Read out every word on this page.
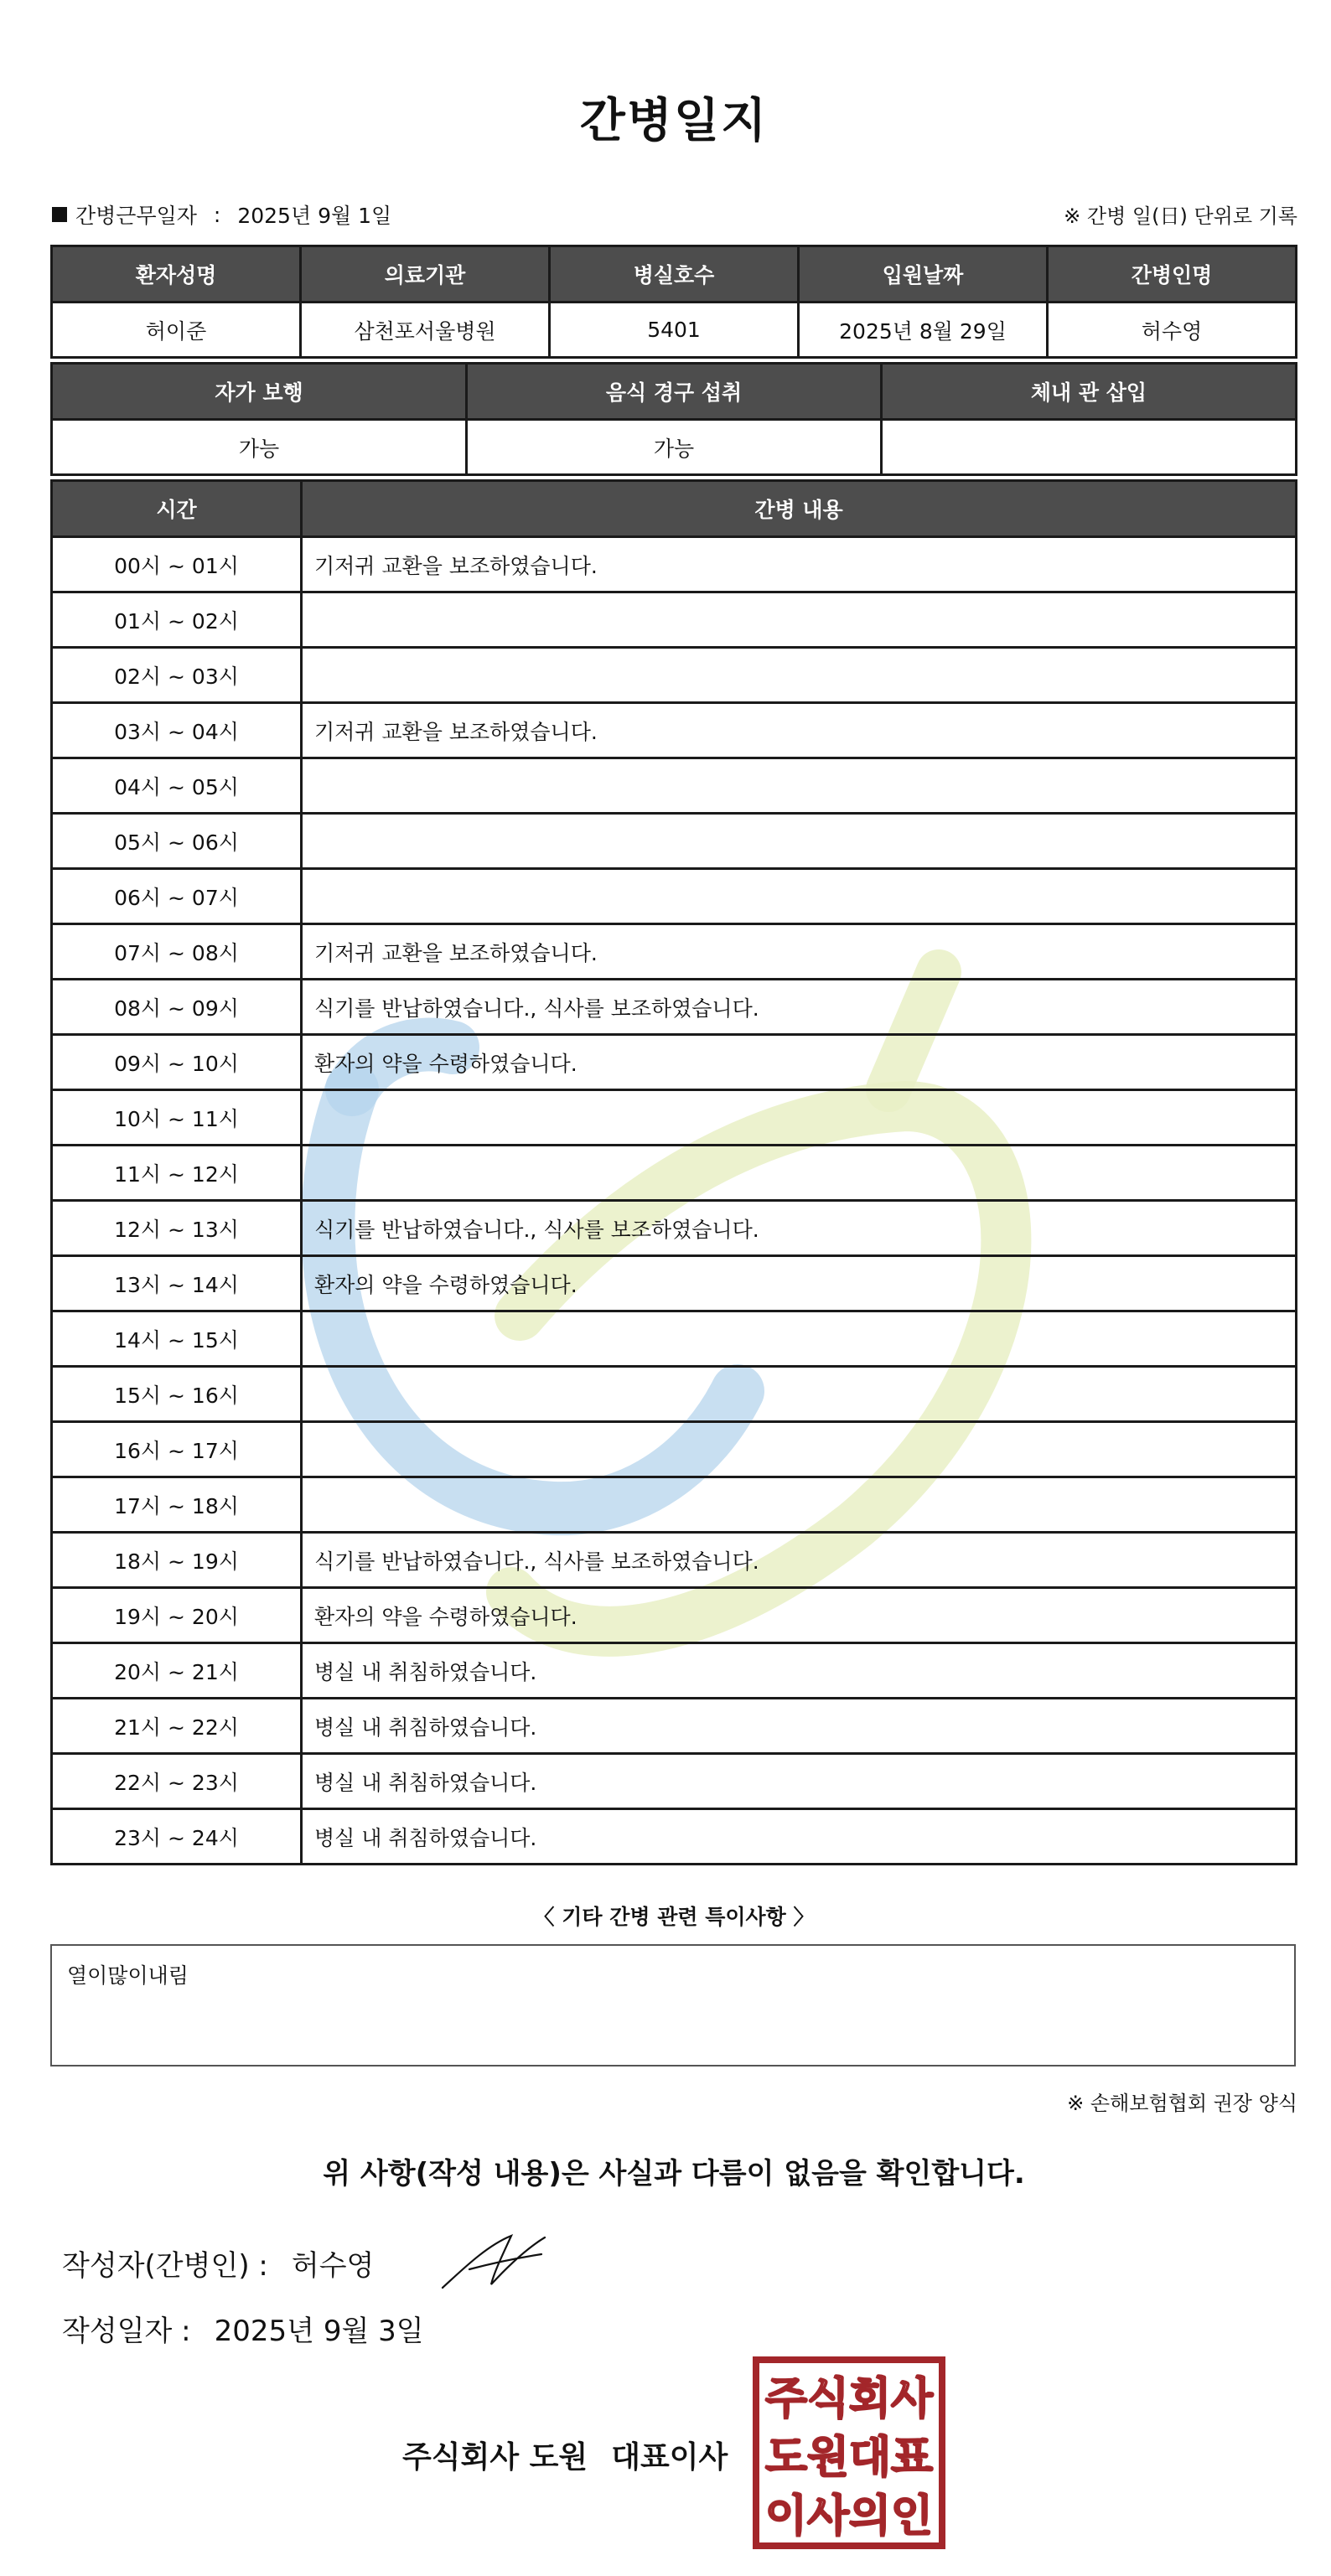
간병일지
간병근무일자 : 2025년 9월 1일	※ 간병 일(日) 단위로 기록
환자성명	의료기관	병실호수	입원날짜	간병인명
허이준	삼천포서울병원	5401	2025년 8월 29일	허수영
자가 보행	음식 경구 섭취	체내 관 삽입
가능	가능	
시간	간병 내용
00시 ~ 01시	기저귀 교환을 보조하였습니다.
01시 ~ 02시	
02시 ~ 03시	
03시 ~ 04시	기저귀 교환을 보조하였습니다.
04시 ~ 05시	
05시 ~ 06시	
06시 ~ 07시	
07시 ~ 08시	기저귀 교환을 보조하였습니다.
08시 ~ 09시	식기를 반납하였습니다., 식사를 보조하였습니다.
09시 ~ 10시	환자의 약을 수령하였습니다.
10시 ~ 11시	
11시 ~ 12시	
12시 ~ 13시	식기를 반납하였습니다., 식사를 보조하였습니다.
13시 ~ 14시	환자의 약을 수령하였습니다.
14시 ~ 15시	
15시 ~ 16시	
16시 ~ 17시	
17시 ~ 18시	
18시 ~ 19시	식기를 반납하였습니다., 식사를 보조하였습니다.
19시 ~ 20시	환자의 약을 수령하였습니다.
20시 ~ 21시	병실 내 취침하였습니다.
21시 ~ 22시	병실 내 취침하였습니다.
22시 ~ 23시	병실 내 취침하였습니다.
23시 ~ 24시	병실 내 취침하였습니다.
〈 기타 간병 관련 특이사항 〉
열이많이내림
※ 손해보험협회 권장 양식
위 사항(작성 내용)은 사실과 다름이 없음을 확인합니다.
작성자(간병인) : 허수영
작성일자 : 2025년 9월 3일
주식회사 도원 대표이사
주식회사
도원대표
이사의인
